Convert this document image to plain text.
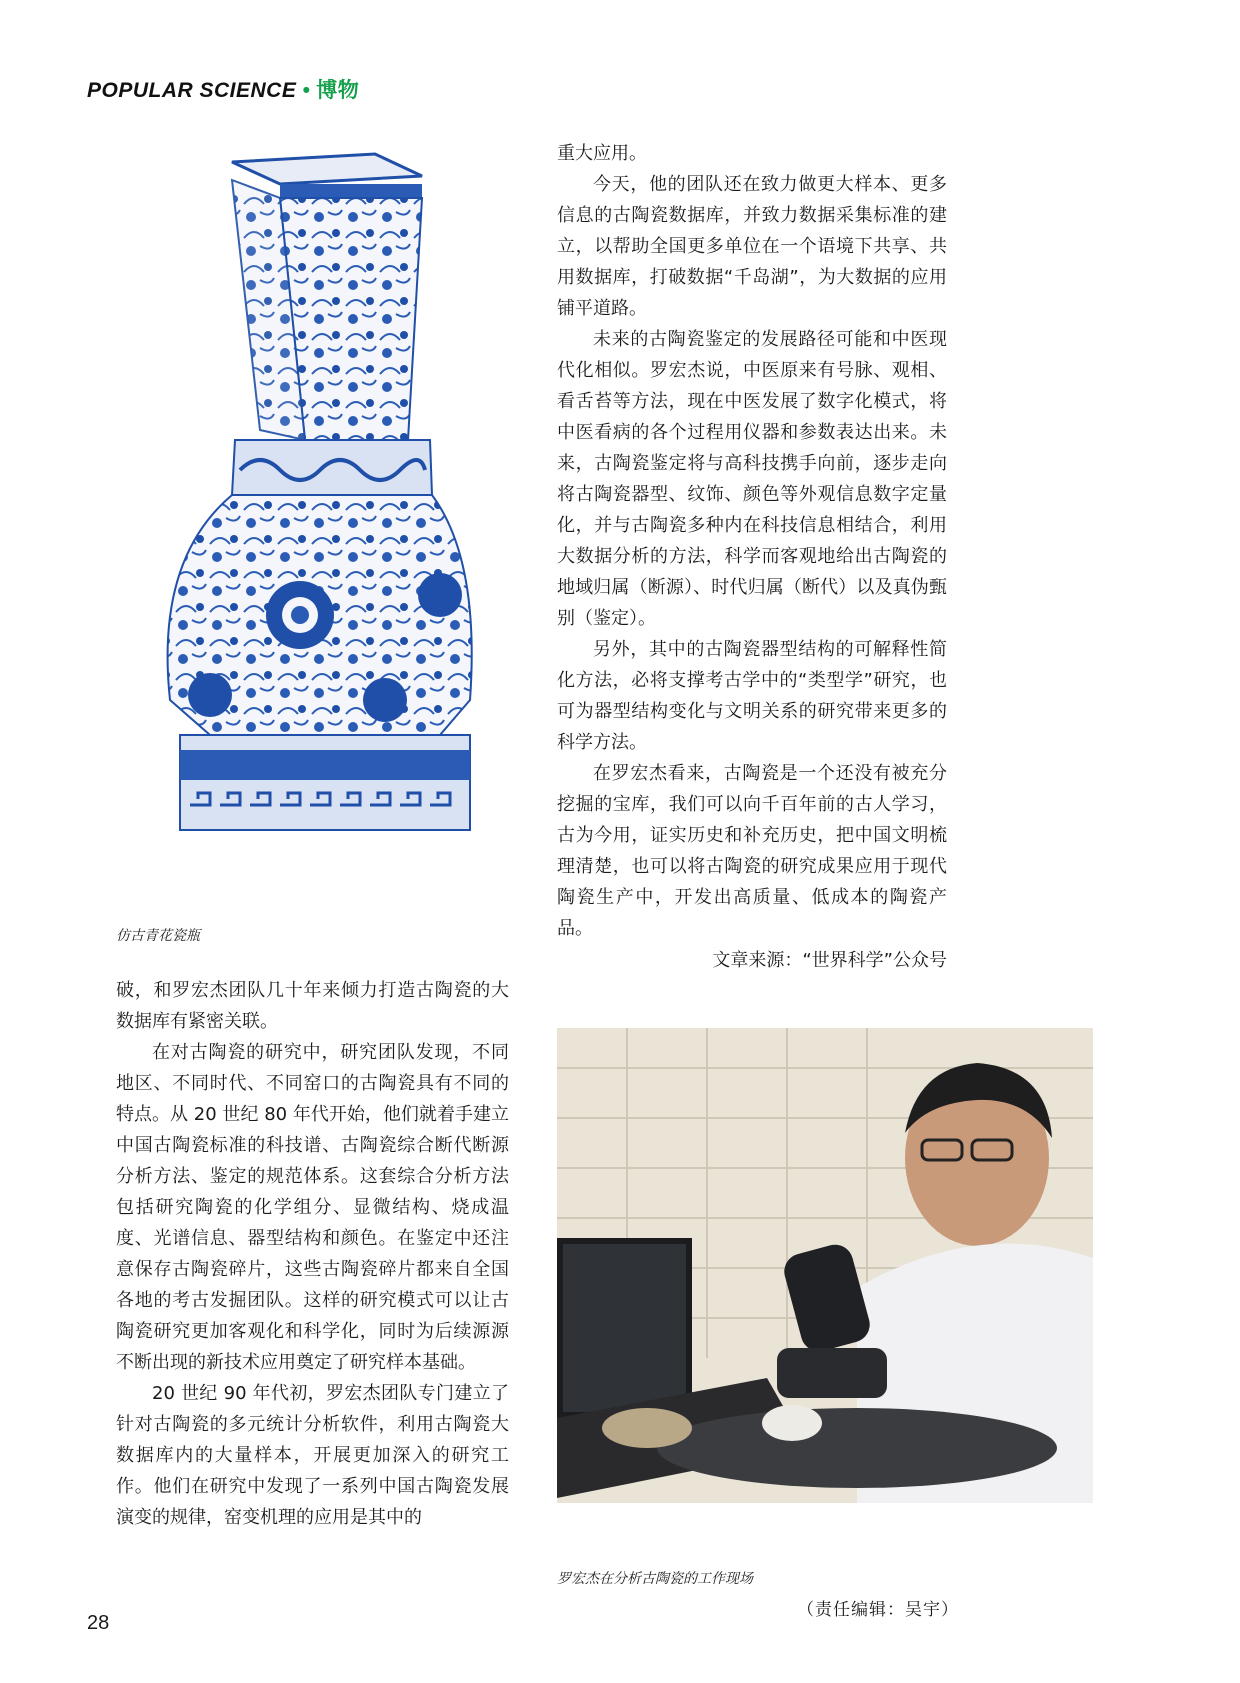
POPULAR SCIENCE • 博物
仿古青花瓷瓶

重大应用。

今天，他的团队还在致力做更大样本、更多信息的古陶瓷数据库，并致力数据采集标准的建立，以帮助全国更多单位在一个语境下共享、共用数据库，打破数据“千岛湖”，为大数据的应用铺平道路。

未来的古陶瓷鉴定的发展路径可能和中医现代化相似。罗宏杰说，中医原来有号脉、观相、看舌苔等方法，现在中医发展了数字化模式，将中医看病的各个过程用仪器和参数表达出来。未来，古陶瓷鉴定将与高科技携手向前，逐步走向将古陶瓷器型、纹饰、颜色等外观信息数字定量化，并与古陶瓷多种内在科技信息相结合，利用大数据分析的方法，科学而客观地给出古陶瓷的地域归属（断源）、时代归属（断代）以及真伪甄别（鉴定）。

另外，其中的古陶瓷器型结构的可解释性简化方法，必将支撑考古学中的“类型学”研究，也可为器型结构变化与文明关系的研究带来更多的科学方法。

在罗宏杰看来，古陶瓷是一个还没有被充分挖掘的宝库，我们可以向千百年前的古人学习，古为今用，证实历史和补充历史，把中国文明梳理清楚，也可以将古陶瓷的研究成果应用于现代陶瓷生产中，开发出高质量、低成本的陶瓷产品。

文章来源：“世界科学”公众号

破，和罗宏杰团队几十年来倾力打造古陶瓷的大数据库有紧密关联。

在对古陶瓷的研究中，研究团队发现，不同地区、不同时代、不同窑口的古陶瓷具有不同的特点。从 20 世纪 80 年代开始，他们就着手建立中国古陶瓷标准的科技谱、古陶瓷综合断代断源分析方法、鉴定的规范体系。这套综合分析方法包括研究陶瓷的化学组分、显微结构、烧成温度、光谱信息、器型结构和颜色。在鉴定中还注意保存古陶瓷碎片，这些古陶瓷碎片都来自全国各地的考古发掘团队。这样的研究模式可以让古陶瓷研究更加客观化和科学化，同时为后续源源不断出现的新技术应用奠定了研究样本基础。

20 世纪 90 年代初，罗宏杰团队专门建立了针对古陶瓷的多元统计分析软件，利用古陶瓷大数据库内的大量样本，开展更加深入的研究工作。他们在研究中发现了一系列中国古陶瓷发展演变的规律，窑变机理的应用是其中的

罗宏杰在分析古陶瓷的工作现场
（责任编辑：吴宇）
28
